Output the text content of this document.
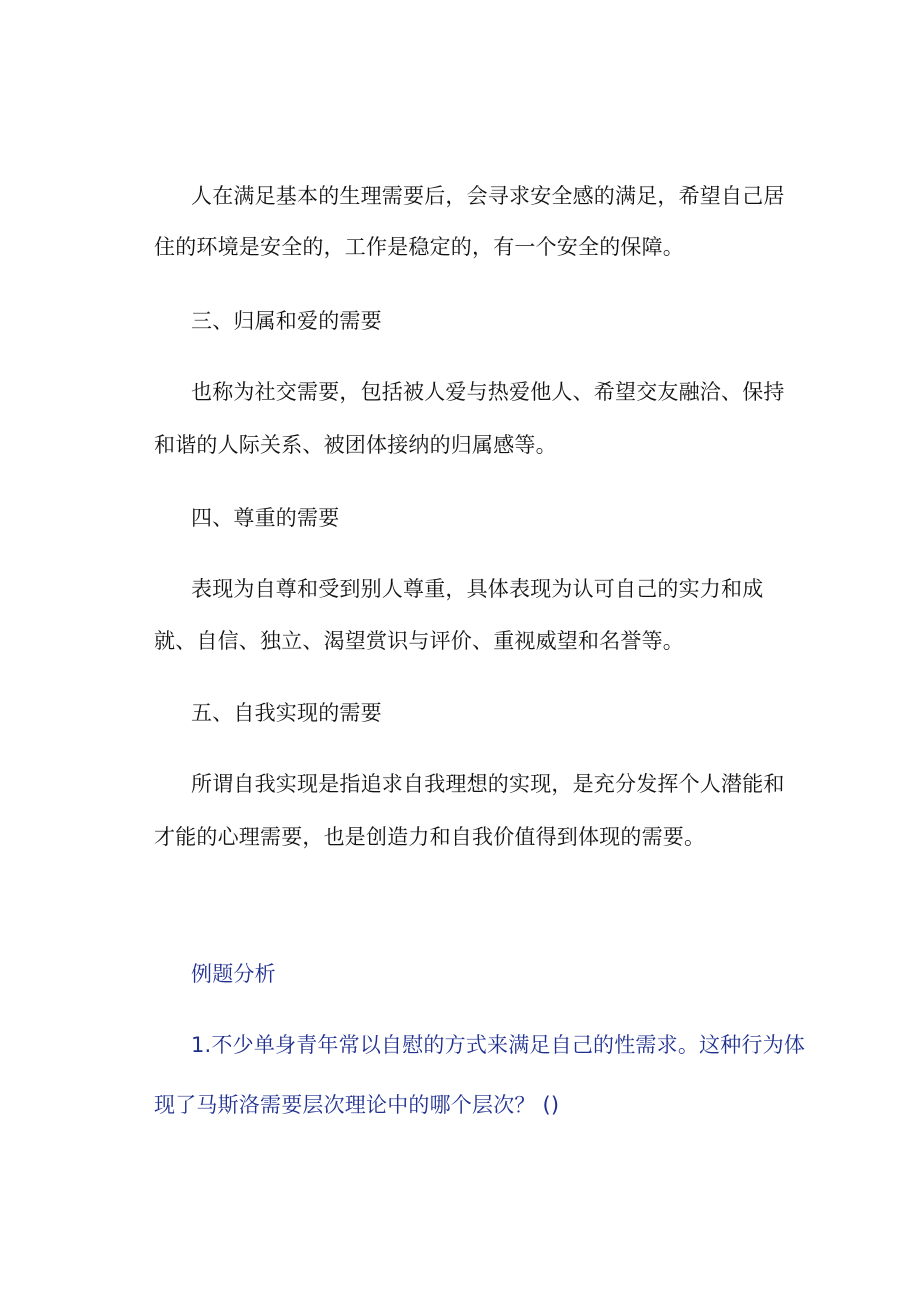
人在满足基本的生理需要后，会寻求安全感的满足，希望自己居
住的环境是安全的，工作是稳定的，有一个安全的保障。
三、归属和爱的需要
也称为社交需要，包括被人爱与热爱他人、希望交友融洽、保持
和谐的人际关系、被团体接纳的归属感等。
四、尊重的需要
表现为自尊和受到别人尊重，具体表现为认可自己的实力和成
就、自信、独立、渴望赏识与评价、重视威望和名誉等。
五、自我实现的需要
所谓自我实现是指追求自我理想的实现，是充分发挥个人潜能和
才能的心理需要，也是创造力和自我价值得到体现的需要。
例题分析
1.不少单身青年常以自慰的方式来满足自己的性需求。这种行为体
现了马斯洛需要层次理论中的哪个层次？ ()
